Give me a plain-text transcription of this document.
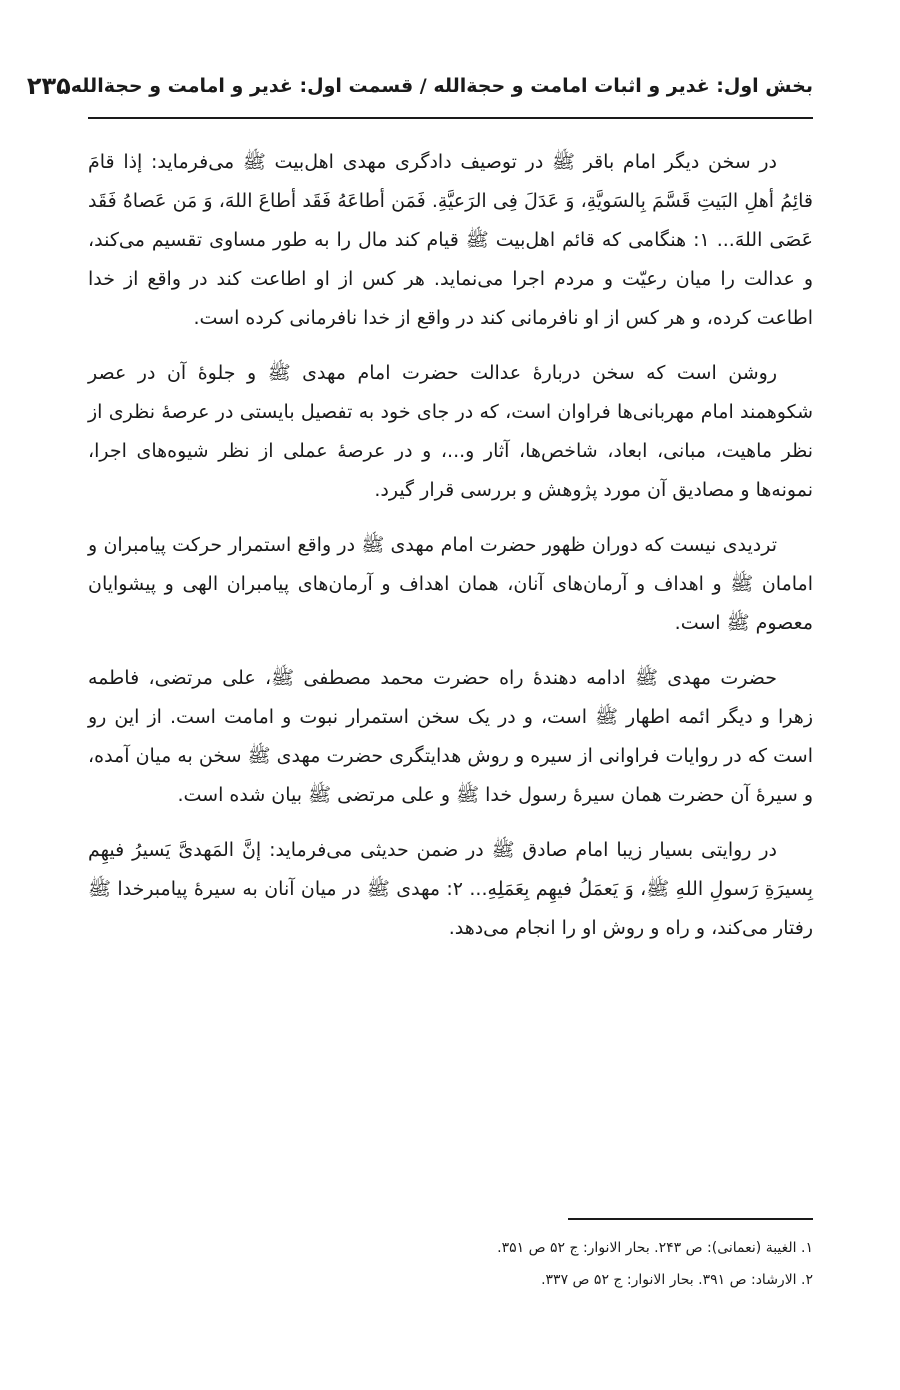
بخش اول: غدیر و اثبات امامت و حجة‌الله / قسمت اول: غدیر و امامت و حجة‌الله
۲۳۵

در سخن دیگر امام باقر ﷺ در توصیف دادگری مهدی اهل‌بیت ﷺ می‌فرماید: إذا قامَ قائِمُ أهلِ البَیتِ قَسَّمَ بِالسَویَّةِ، وَ عَدَلَ فِی الرَعیَّةِ. فَمَن أطاعَهُ فَقَد أطاعَ اللهَ، وَ مَن عَصاهُ فَقَد عَصَی اللهَ... ۱: هنگامی که قائم اهل‌بیت ﷺ قیام کند مال را به طور مساوی تقسیم می‌کند، و عدالت را میان رعیّت و مردم اجرا می‌نماید. هر کس از او اطاعت کند در واقع از خدا اطاعت کرده، و هر کس از او نافرمانی کند در واقع از خدا نافرمانی کرده است.

روشن است که سخن دربارهٔ عدالت حضرت امام مهدی ﷺ و جلوهٔ آن در عصر شکوهمند امام مهربانی‌ها فراوان است، که در جای خود به تفصیل بایستی در عرصهٔ نظری از نظر ماهیت، مبانی، ابعاد، شاخص‌ها، آثار و...، و در عرصهٔ عملی از نظر شیوه‌های اجرا، نمونه‌ها و مصادیق آن مورد پژوهش و بررسی قرار گیرد.

تردیدی نیست که دوران ظهور حضرت امام مهدی ﷺ در واقع استمرار حرکت پیامبران و امامان ﷺ و اهداف و آرمان‌های آنان، همان اهداف و آرمان‌های پیامبران الهی و پیشوایان معصوم ﷺ است.

حضرت مهدی ﷺ ادامه دهندهٔ راه حضرت محمد مصطفی ﷺ، علی مرتضی، فاطمه زهرا و دیگر ائمه اطهار ﷺ است، و در یک سخن استمرار نبوت و امامت است. از این رو است که در روایات فراوانی از سیره و روش هدایتگری حضرت مهدی ﷺ سخن به میان آمده، و سیرهٔ آن حضرت همان سیرهٔ رسول خدا ﷺ و علی مرتضی ﷺ بیان شده است.

در روایتی بسیار زیبا امام صادق ﷺ در ضمن حدیثی می‌فرماید: إنَّ المَهدیَّ یَسیرُ فیهِم بِسیرَةِ رَسولِ اللهِ ﷺ، وَ یَعمَلُ فیهِم بِعَمَلِهِ... ۲: مهدی ﷺ در میان آنان به سیرهٔ پیامبرخدا ﷺ رفتار می‌کند، و راه و روش او را انجام می‌دهد.

۱. الغیبة (نعمانی): ص ۲۴۳. بحار الانوار: ج ۵۲ ص ۳۵۱.

۲. الارشاد: ص ۳۹۱. بحار الانوار: ج ۵۲ ص ۳۳۷.
